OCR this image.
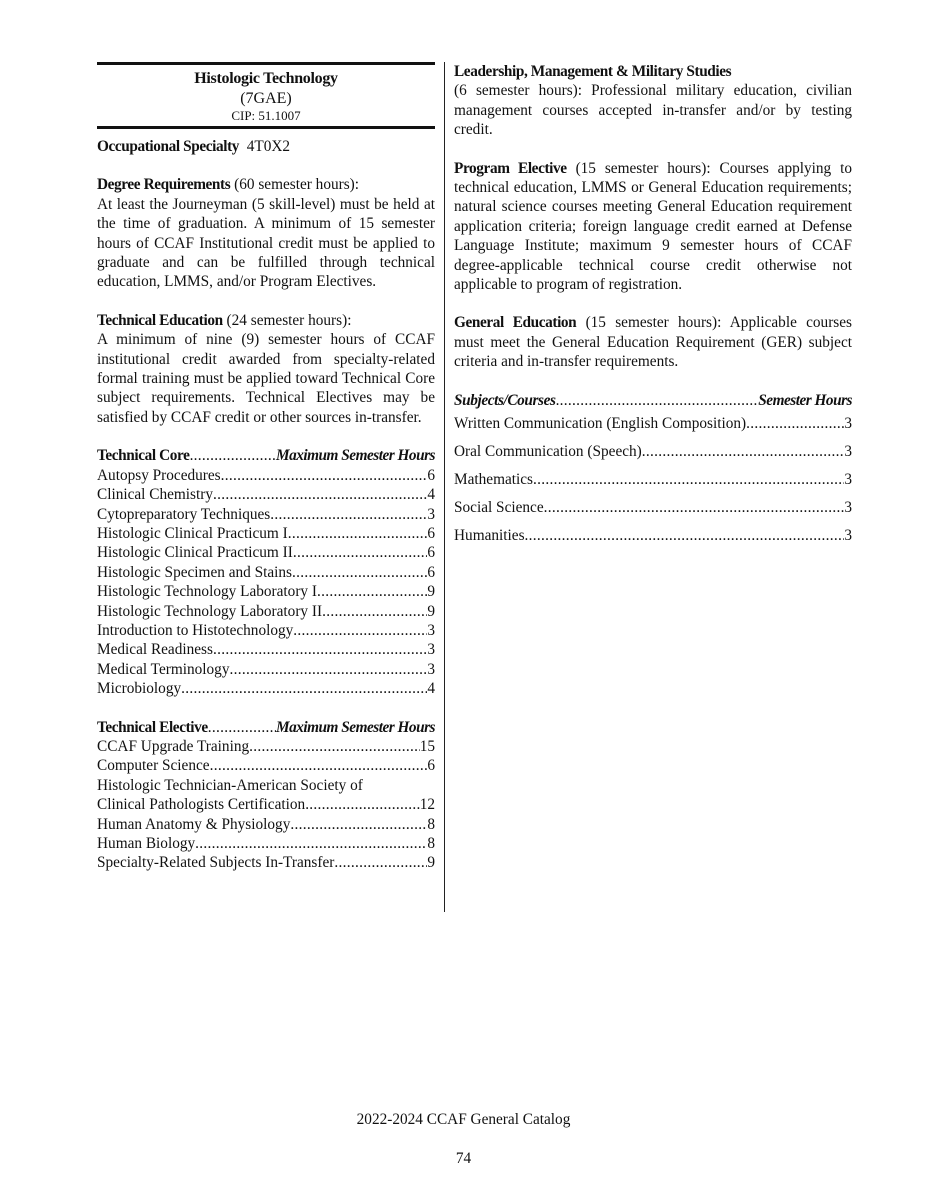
Histologic Technology
(7GAE)
CIP: 51.1007

Occupational Specialty 4T0X2

Degree Requirements (60 semester hours):

At least the Journeyman (5 skill-level) must be held at the time of graduation. A minimum of 15 semester hours of CCAF Institutional credit must be applied to graduate and can be fulfilled through technical education, LMMS, and/or Program Electives.

Technical Education (24 semester hours):

A minimum of nine (9) semester hours of CCAF institutional credit awarded from specialty-related formal training must be applied toward Technical Core subject requirements. Technical Electives may be satisfied by CCAF credit or other sources in-transfer.

Technical Core .....	Maximum Semester Hours
Autopsy Procedures .....	6
Clinical Chemistry .....	4
Cytopreparatory Techniques .....	3
Histologic Clinical Practicum I .....	6
Histologic Clinical Practicum II .....	6
Histologic Specimen and Stains .....	6
Histologic Technology Laboratory I .....	9
Histologic Technology Laboratory II .....	9
Introduction to Histotechnology .....	3
Medical Readiness .....	3
Medical Terminology .....	3
Microbiology .....	4
Technical Elective .....	Maximum Semester Hours
CCAF Upgrade Training .....	15
Computer Science .....	6
Histologic Technician-American Society of
Clinical Pathologists Certification .....	12
Human Anatomy & Physiology .....	8
Human Biology .....	8
Specialty-Related Subjects In-Transfer .....	9

Leadership, Management & Military Studies

(6 semester hours): Professional military education, civilian management courses accepted in-transfer and/or by testing credit.

Program Elective (15 semester hours): Courses applying to technical education, LMMS or General Education requirements; natural science courses meeting General Education requirement application criteria; foreign language credit earned at Defense Language Institute; maximum 9 semester hours of CCAF degree-applicable technical course credit otherwise not applicable to program of registration.

General Education (15 semester hours): Applicable courses must meet the General Education Requirement (GER) subject criteria and in-transfer requirements.

Subjects/Courses .....	Semester Hours
Written Communication (English Composition) .....	3
Oral Communication (Speech) .....	3
Mathematics .....	3
Social Science .....	3
Humanities .....	3
2022-2024 CCAF General Catalog
74
